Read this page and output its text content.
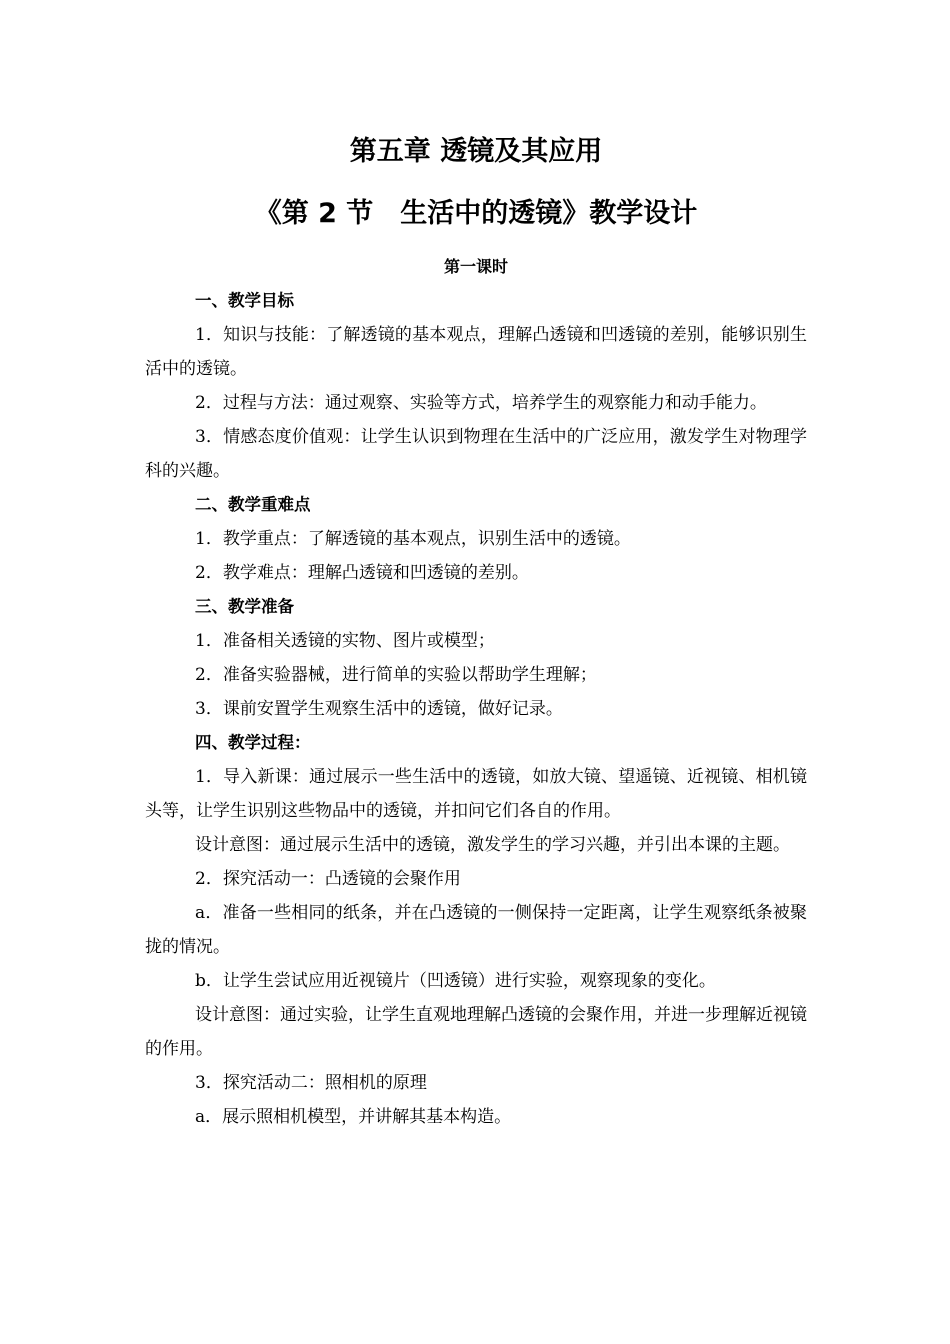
第五章 透镜及其应用
《第 2 节　生活中的透镜》教学设计
第一课时
一、教学目标

1．知识与技能：了解透镜的基本观点，理解凸透镜和凹透镜的差别，能够识别生活中的透镜。

2．过程与方法：通过观察、实验等方式，培养学生的观察能力和动手能力。

3．情感态度价值观：让学生认识到物理在生活中的广泛应用，激发学生对物理学科的兴趣。

二、教学重难点

1．教学重点：了解透镜的基本观点，识别生活中的透镜。

2．教学难点：理解凸透镜和凹透镜的差别。

三、教学准备

1．准备相关透镜的实物、图片或模型；

2．准备实验器械，进行简单的实验以帮助学生理解；

3．课前安置学生观察生活中的透镜，做好记录。

四、教学过程：

1．导入新课：通过展示一些生活中的透镜，如放大镜、望遥镜、近视镜、相机镜头等，让学生识别这些物品中的透镜，并扣问它们各自的作用。

设计意图：通过展示生活中的透镜，激发学生的学习兴趣，并引出本课的主题。

2．探究活动一：凸透镜的会聚作用

a．准备一些相同的纸条，并在凸透镜的一侧保持一定距离，让学生观察纸条被聚拢的情况。

b．让学生尝试应用近视镜片（凹透镜）进行实验，观察现象的变化。

设计意图：通过实验，让学生直观地理解凸透镜的会聚作用，并进一步理解近视镜的作用。

3．探究活动二：照相机的原理

a．展示照相机模型，并讲解其基本构造。
